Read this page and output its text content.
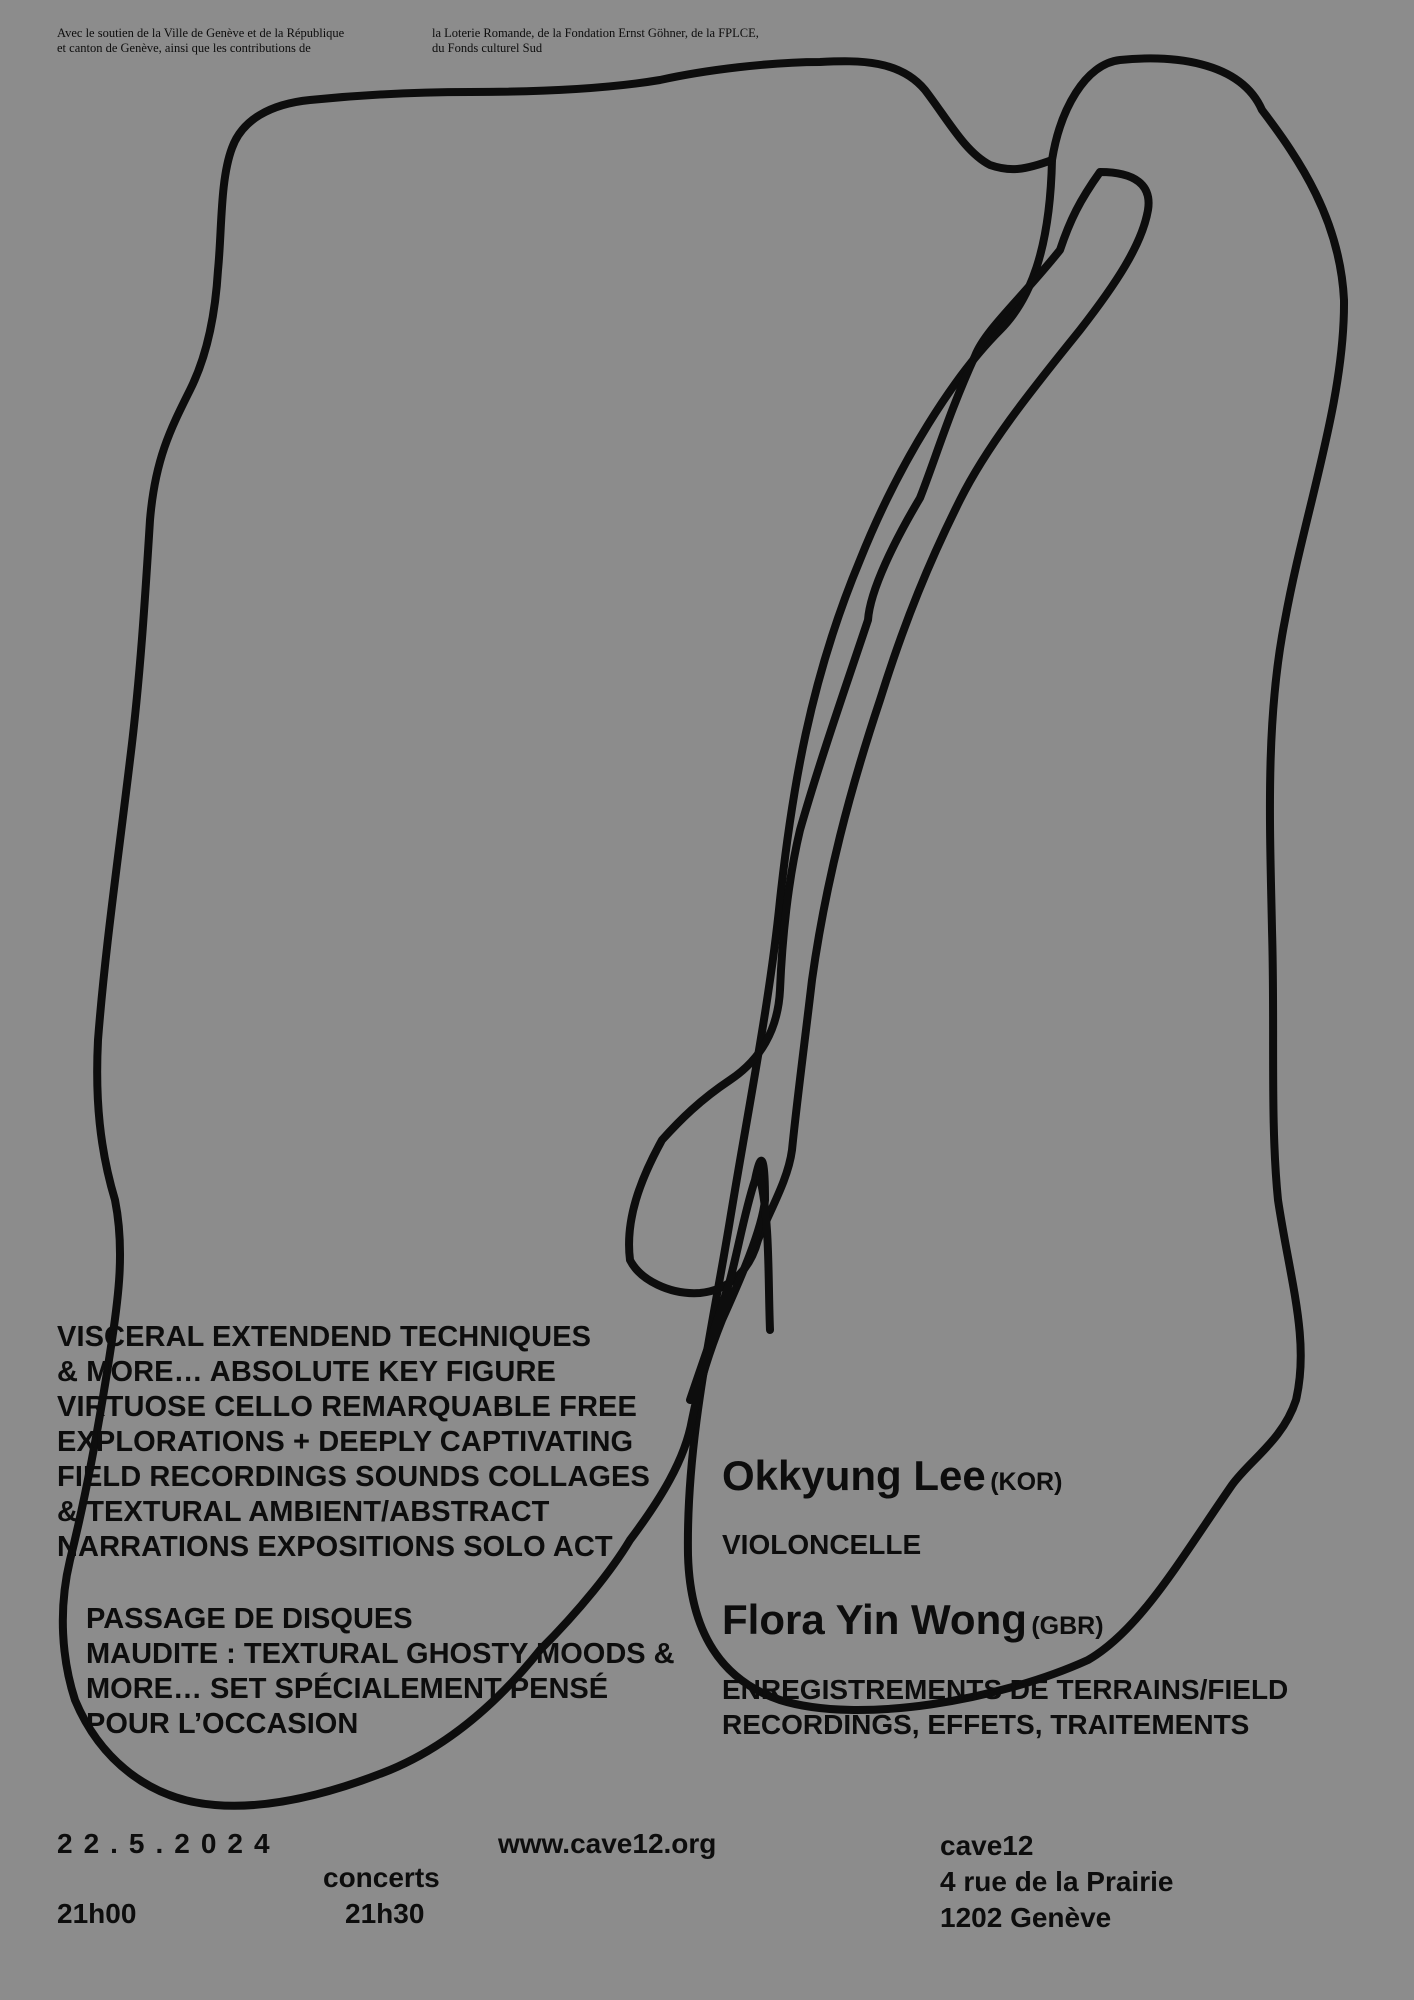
Avec le soutien de la Ville de Genève et de la République
et canton de Genève, ainsi que les contributions de
la Loterie Romande, de la Fondation Ernst Göhner, de la FPLCE,
du Fonds culturel Sud
VISCERAL EXTENDEND TECHNIQUES
& MORE… ABSOLUTE KEY FIGURE
VIRTUOSE CELLO REMARQUABLE FREE
EXPLORATIONS + DEEPLY CAPTIVATING
FIELD RECORDINGS SOUNDS COLLAGES
& TEXTURAL AMBIENT/ABSTRACT
NARRATIONS EXPOSITIONS SOLO ACT
PASSAGE DE DISQUES
MAUDITE : TEXTURAL GHOSTY MOODS &
MORE… SET SPÉCIALEMENT PENSÉ
POUR L’OCCASION
Okkyung Lee (KOR)
VIOLONCELLE
Flora Yin Wong (GBR)
ENREGISTREMENTS DE TERRAINS/FIELD
RECORDINGS, EFFETS, TRAITEMENTS
22.5.2024	www.cave12.org
concerts
21h00	21h30
cave12
4 rue de la Prairie
1202 Genève
